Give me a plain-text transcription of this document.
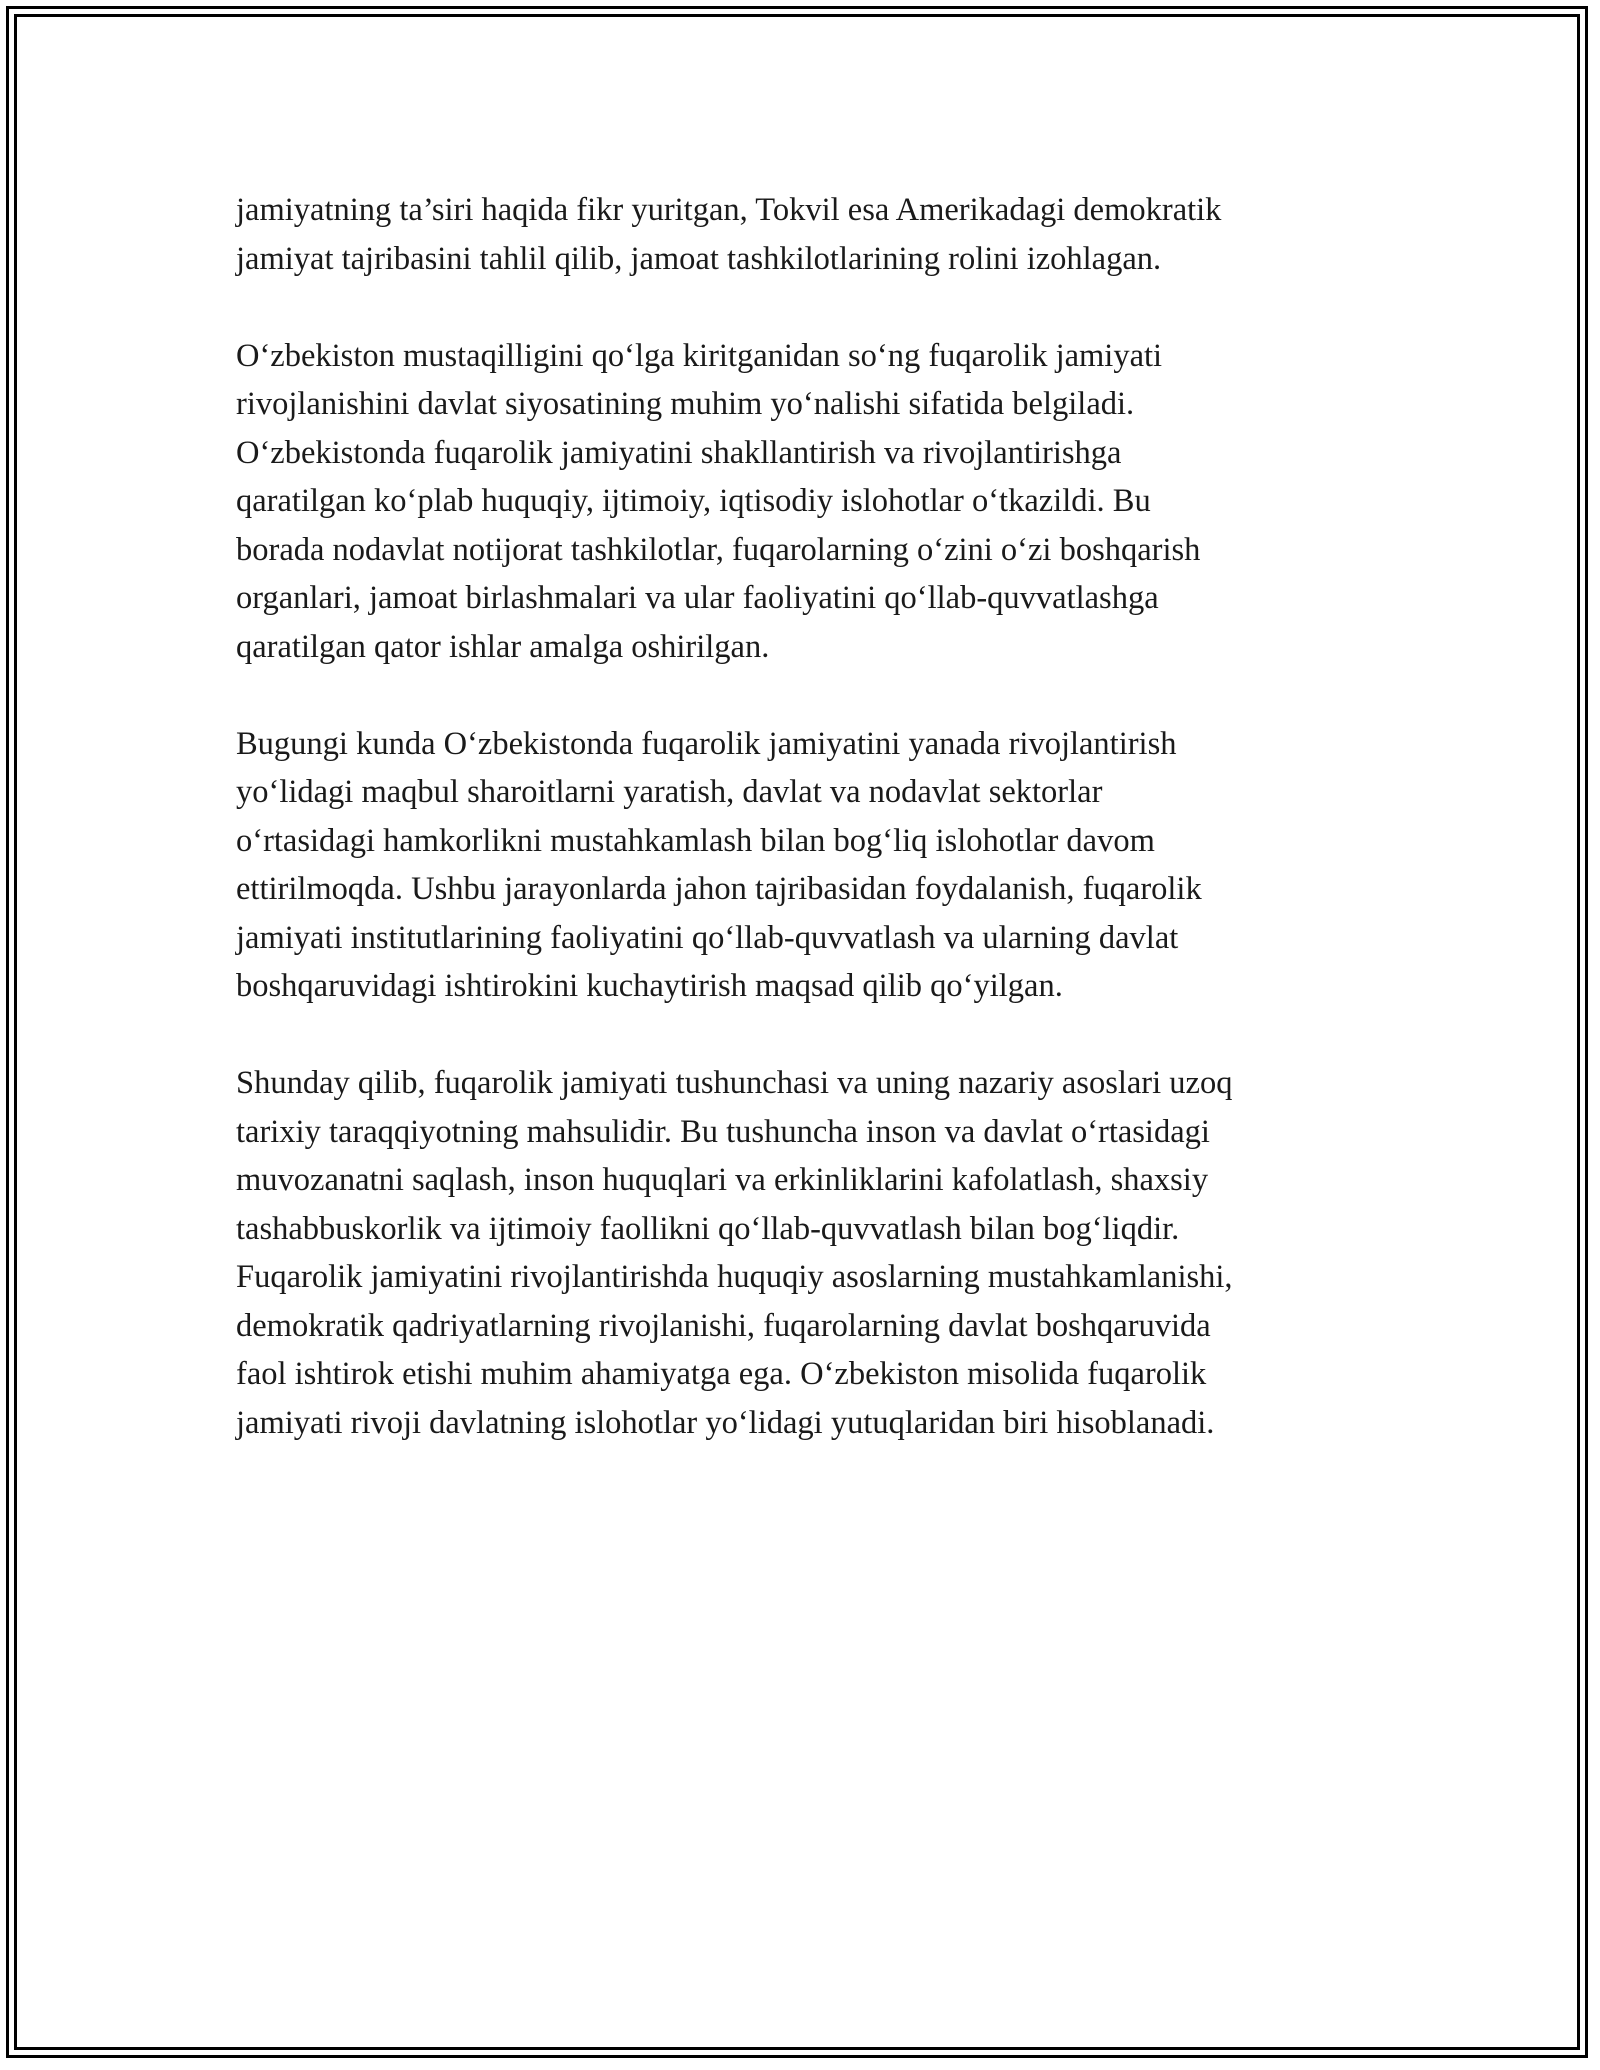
jamiyatning ta’siri haqida fikr yuritgan, Tokvil esa Amerikadagi demokratik
jamiyat tajribasini tahlil qilib, jamoat tashkilotlarining rolini izohlagan.

O‘zbekiston mustaqilligini qo‘lga kiritganidan so‘ng fuqarolik jamiyati
rivojlanishini davlat siyosatining muhim yo‘nalishi sifatida belgiladi.
O‘zbekistonda fuqarolik jamiyatini shakllantirish va rivojlantirishga
qaratilgan ko‘plab huquqiy, ijtimoiy, iqtisodiy islohotlar o‘tkazildi. Bu
borada nodavlat notijorat tashkilotlar, fuqarolarning o‘zini o‘zi boshqarish
organlari, jamoat birlashmalari va ular faoliyatini qo‘llab-quvvatlashga
qaratilgan qator ishlar amalga oshirilgan.

Bugungi kunda O‘zbekistonda fuqarolik jamiyatini yanada rivojlantirish
yo‘lidagi maqbul sharoitlarni yaratish, davlat va nodavlat sektorlar
o‘rtasidagi hamkorlikni mustahkamlash bilan bog‘liq islohotlar davom
ettirilmoqda. Ushbu jarayonlarda jahon tajribasidan foydalanish, fuqarolik
jamiyati institutlarining faoliyatini qo‘llab-quvvatlash va ularning davlat
boshqaruvidagi ishtirokini kuchaytirish maqsad qilib qo‘yilgan.

Shunday qilib, fuqarolik jamiyati tushunchasi va uning nazariy asoslari uzoq
tarixiy taraqqiyotning mahsulidir. Bu tushuncha inson va davlat o‘rtasidagi
muvozanatni saqlash, inson huquqlari va erkinliklarini kafolatlash, shaxsiy
tashabbuskorlik va ijtimoiy faollikni qo‘llab-quvvatlash bilan bog‘liqdir.
Fuqarolik jamiyatini rivojlantirishda huquqiy asoslarning mustahkamlanishi,
demokratik qadriyatlarning rivojlanishi, fuqarolarning davlat boshqaruvida
faol ishtirok etishi muhim ahamiyatga ega. O‘zbekiston misolida fuqarolik
jamiyati rivoji davlatning islohotlar yo‘lidagi yutuqlaridan biri hisoblanadi.
